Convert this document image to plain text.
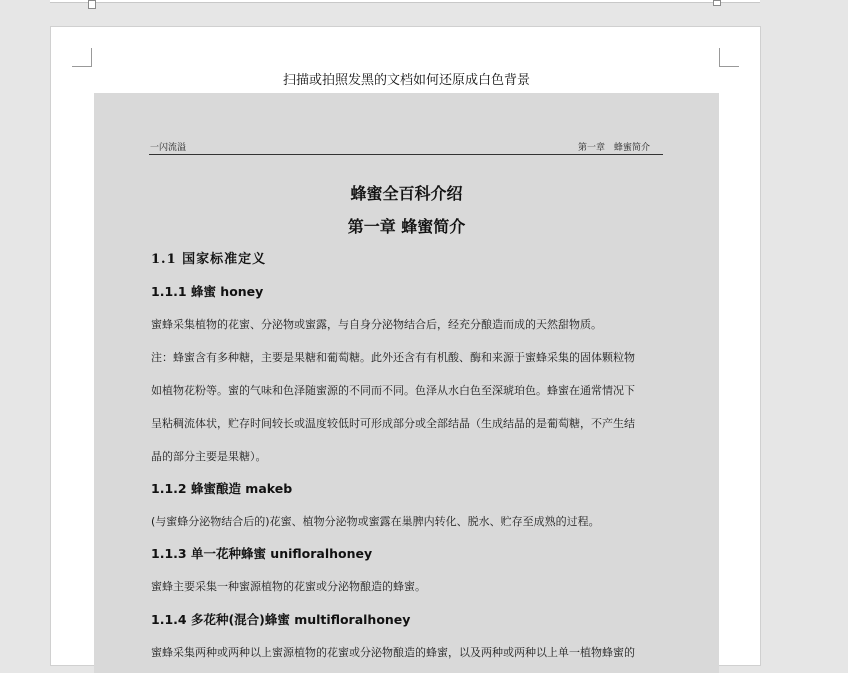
扫描或拍照发黑的文档如何还原成白色背景
一闪流溢	第一章　蜂蜜简介
蜂蜜全百科介绍
第一章 蜂蜜简介
1.1 国家标准定义
1.1.1 蜂蜜 honey
蜜蜂采集植物的花蜜、分泌物或蜜露，与自身分泌物结合后，经充分酿造而成的天然甜物质。
注：蜂蜜含有多种糖，主要是果糖和葡萄糖。此外还含有有机酸、酶和来源于蜜蜂采集的固体颗粒物
如植物花粉等。蜜的气味和色泽随蜜源的不同而不同。色泽从水白色至深琥珀色。蜂蜜在通常情况下
呈粘稠流体状，贮存时间较长或温度较低时可形成部分或全部结晶（生成结晶的是葡萄糖，不产生结
晶的部分主要是果糖）。
1.1.2 蜂蜜酿造 makeb
(与蜜蜂分泌物结合后的)花蜜、植物分泌物或蜜露在巢脾内转化、脱水、贮存至成熟的过程。
1.1.3 单一花种蜂蜜 unifloralhoney
蜜蜂主要采集一种蜜源植物的花蜜或分泌物酿造的蜂蜜。
1.1.4 多花种(混合)蜂蜜 multifloralhoney
蜜蜂采集两种或两种以上蜜源植物的花蜜或分泌物酿造的蜂蜜，以及两种或两种以上单一植物蜂蜜的
